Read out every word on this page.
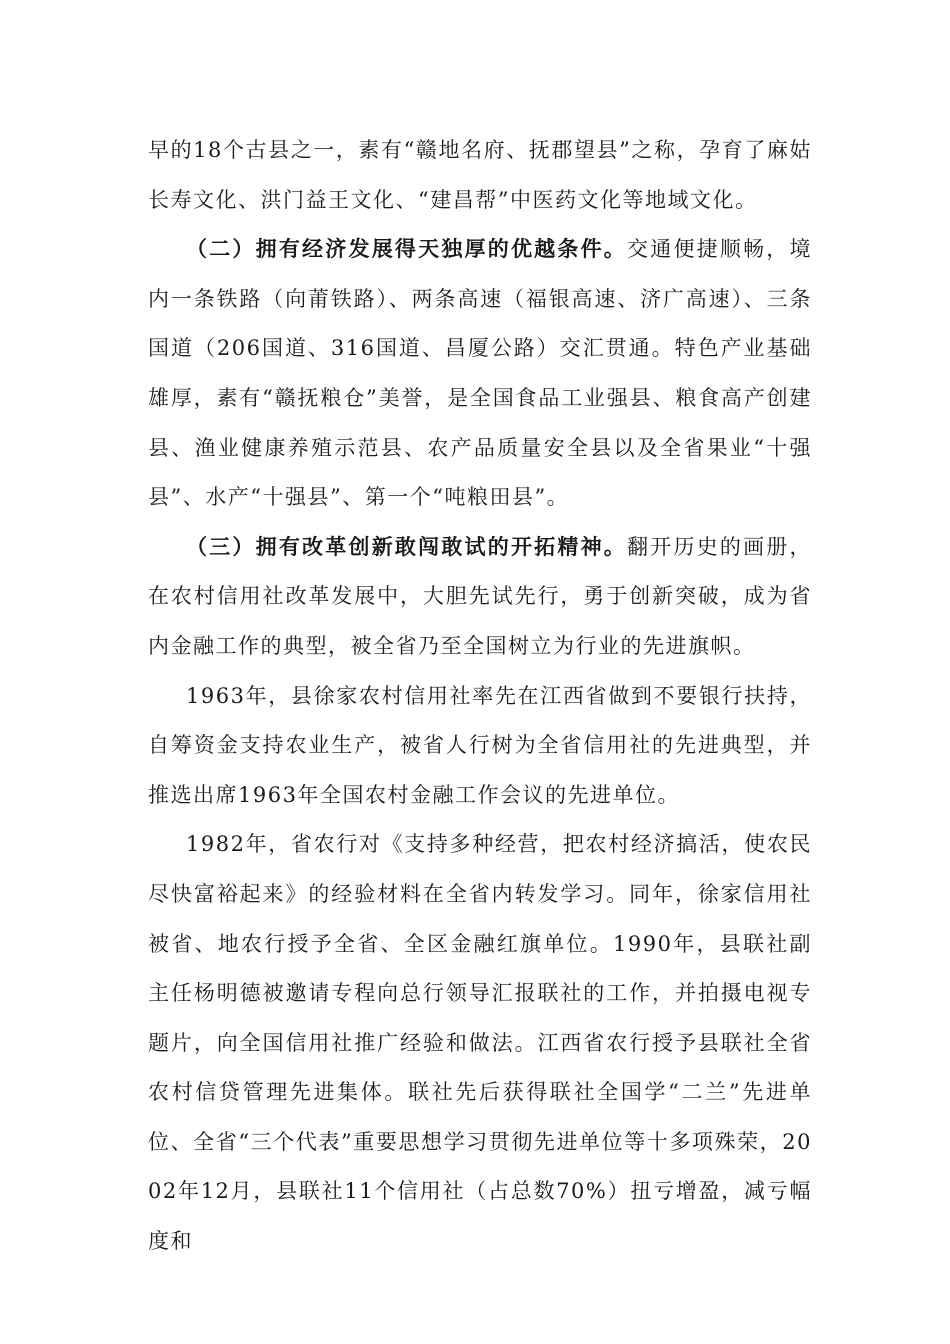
早的18个古县之一，素有“赣地名府、抚郡望县”之称，孕育了麻姑长寿文化、洪门益王文化、“建昌帮”中医药文化等地域文化。

（二）拥有经济发展得天独厚的优越条件。交通便捷顺畅，境内一条铁路（向莆铁路）、两条高速（福银高速、济广高速）、三条国道（206国道、316国道、昌厦公路）交汇贯通。特色产业基础雄厚，素有“赣抚粮仓”美誉，是全国食品工业强县、粮食高产创建县、渔业健康养殖示范县、农产品质量安全县以及全省果业“十强县”、水产“十强县”、第一个“吨粮田县”。

（三）拥有改革创新敢闯敢试的开拓精神。翻开历史的画册，在农村信用社改革发展中，大胆先试先行，勇于创新突破，成为省内金融工作的典型，被全省乃至全国树立为行业的先进旗帜。

1963年，县徐家农村信用社率先在江西省做到不要银行扶持，自筹资金支持农业生产，被省人行树为全省信用社的先进典型，并推选出席1963年全国农村金融工作会议的先进单位。

1982年，省农行对《支持多种经营，把农村经济搞活，使农民尽快富裕起来》的经验材料在全省内转发学习。同年，徐家信用社被省、地农行授予全省、全区金融红旗单位。1990年，县联社副主任杨明德被邀请专程向总行领导汇报联社的工作，并拍摄电视专题片，向全国信用社推广经验和做法。江西省农行授予县联社全省农村信贷管理先进集体。联社先后获得联社全国学“二兰”先进单位、全省“三个代表”重要思想学习贯彻先进单位等十多项殊荣，2002年12月，县联社11个信用社（占总数70%）扭亏增盈，减亏幅度和
